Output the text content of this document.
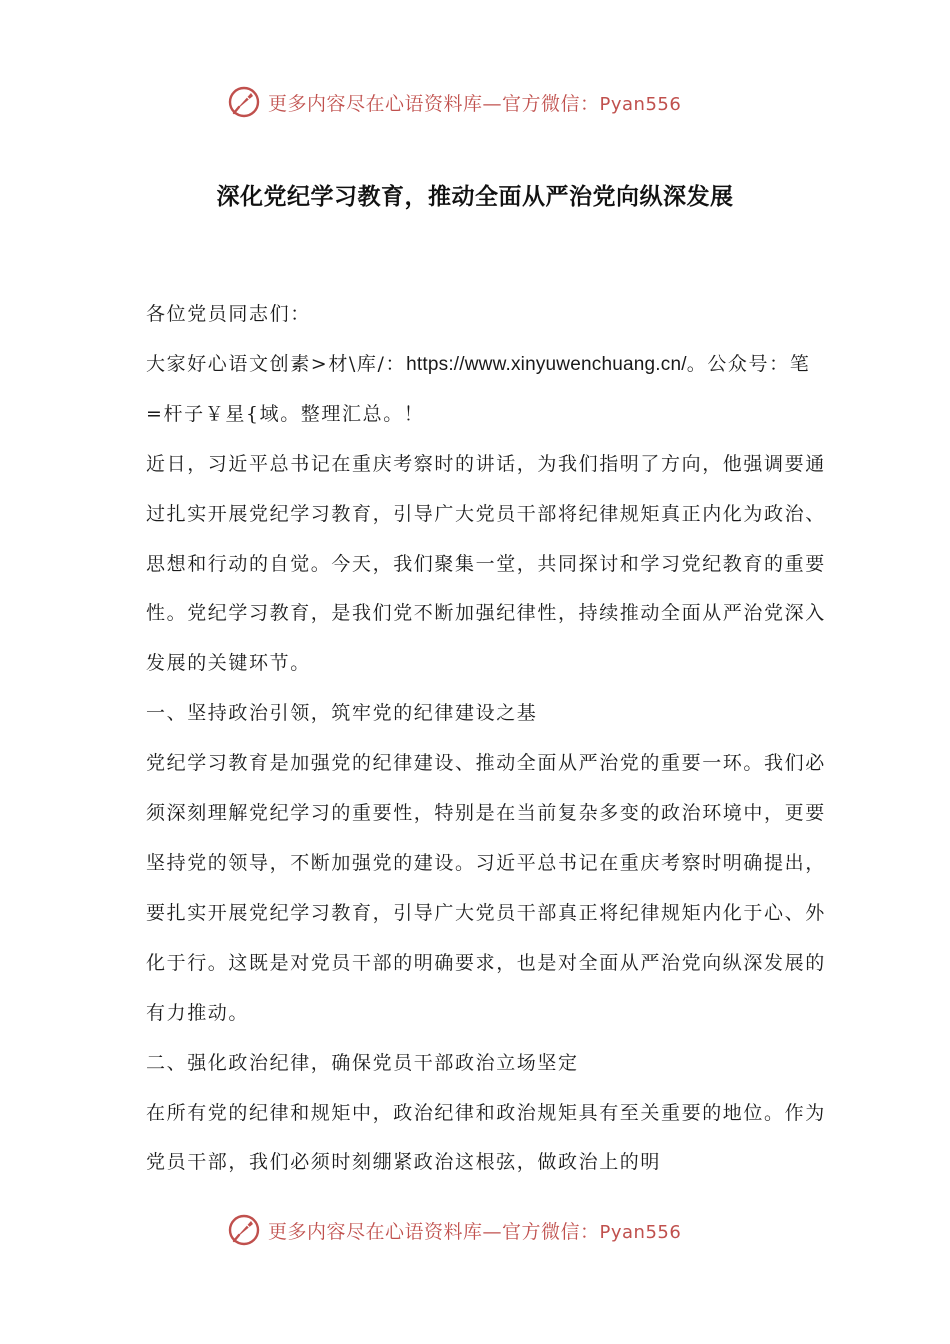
更多内容尽在心语资料库—官方微信：Pyan556
深化党纪学习教育，推动全面从严治党向纵深发展

各位党员同志们：

大家好心语文创素>材\库/：https://www.xinyuwenchuang.cn/。公众号：笔=杆子￥星{域。整理汇总。！

近日，习近平总书记在重庆考察时的讲话，为我们指明了方向，他强调要通过扎实开展党纪学习教育，引导广大党员干部将纪律规矩真正内化为政治、思想和行动的自觉。今天，我们聚集一堂，共同探讨和学习党纪教育的重要性。党纪学习教育，是我们党不断加强纪律性，持续推动全面从严治党深入发展的关键环节。

一、坚持政治引领，筑牢党的纪律建设之基

党纪学习教育是加强党的纪律建设、推动全面从严治党的重要一环。我们必须深刻理解党纪学习的重要性，特别是在当前复杂多变的政治环境中，更要坚持党的领导，不断加强党的建设。习近平总书记在重庆考察时明确提出，要扎实开展党纪学习教育，引导广大党员干部真正将纪律规矩内化于心、外化于行。这既是对党员干部的明确要求，也是对全面从严治党向纵深发展的有力推动。

二、强化政治纪律，确保党员干部政治立场坚定

在所有党的纪律和规矩中，政治纪律和政治规矩具有至关重要的地位。作为党员干部，我们必须时刻绷紧政治这根弦，做政治上的明

更多内容尽在心语资料库—官方微信：Pyan556
